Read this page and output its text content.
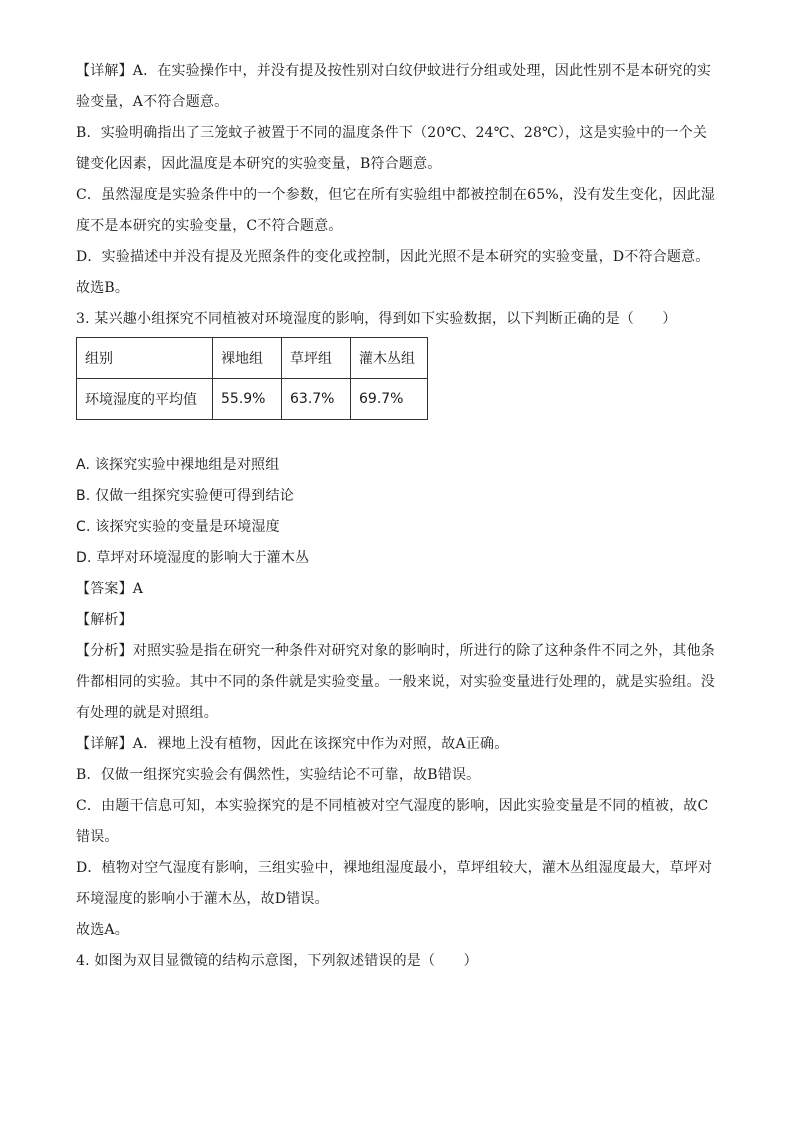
【详解】A．在实验操作中，并没有提及按性别对白纹伊蚊进行分组或处理，因此性别不是本研究的实验变量，A不符合题意。

B．实验明确指出了三笼蚊子被置于不同的温度条件下（20℃、24℃、28℃），这是实验中的一个关键变化因素，因此温度是本研究的实验变量，B符合题意。

C．虽然湿度是实验条件中的一个参数，但它在所有实验组中都被控制在65%，没有发生变化，因此湿度不是本研究的实验变量，C不符合题意。

D．实验描述中并没有提及光照条件的变化或控制，因此光照不是本研究的实验变量，D不符合题意。

故选B。

3. 某兴趣小组探究不同植被对环境湿度的影响，得到如下实验数据，以下判断正确的是（　　）

组别	裸地组	草坪组	灌木丛组
环境湿度的平均值	55.9%	63.7%	69.7%

A. 该探究实验中裸地组是对照组

B. 仅做一组探究实验便可得到结论

C. 该探究实验的变量是环境湿度

D. 草坪对环境湿度的影响大于灌木丛

【答案】A

【解析】

【分析】对照实验是指在研究一种条件对研究对象的影响时，所进行的除了这种条件不同之外，其他条件都相同的实验。其中不同的条件就是实验变量。一般来说，对实验变量进行处理的，就是实验组。没有处理的就是对照组。

【详解】A．裸地上没有植物，因此在该探究中作为对照，故A正确。

B．仅做一组探究实验会有偶然性，实验结论不可靠，故B错误。

C．由题干信息可知，本实验探究的是不同植被对空气湿度的影响，因此实验变量是不同的植被，故C错误。

D．植物对空气湿度有影响，三组实验中，裸地组湿度最小，草坪组较大，灌木丛组湿度最大，草坪对环境湿度的影响小于灌木丛，故D错误。

故选A。

4. 如图为双目显微镜的结构示意图，下列叙述错误的是（　　）
